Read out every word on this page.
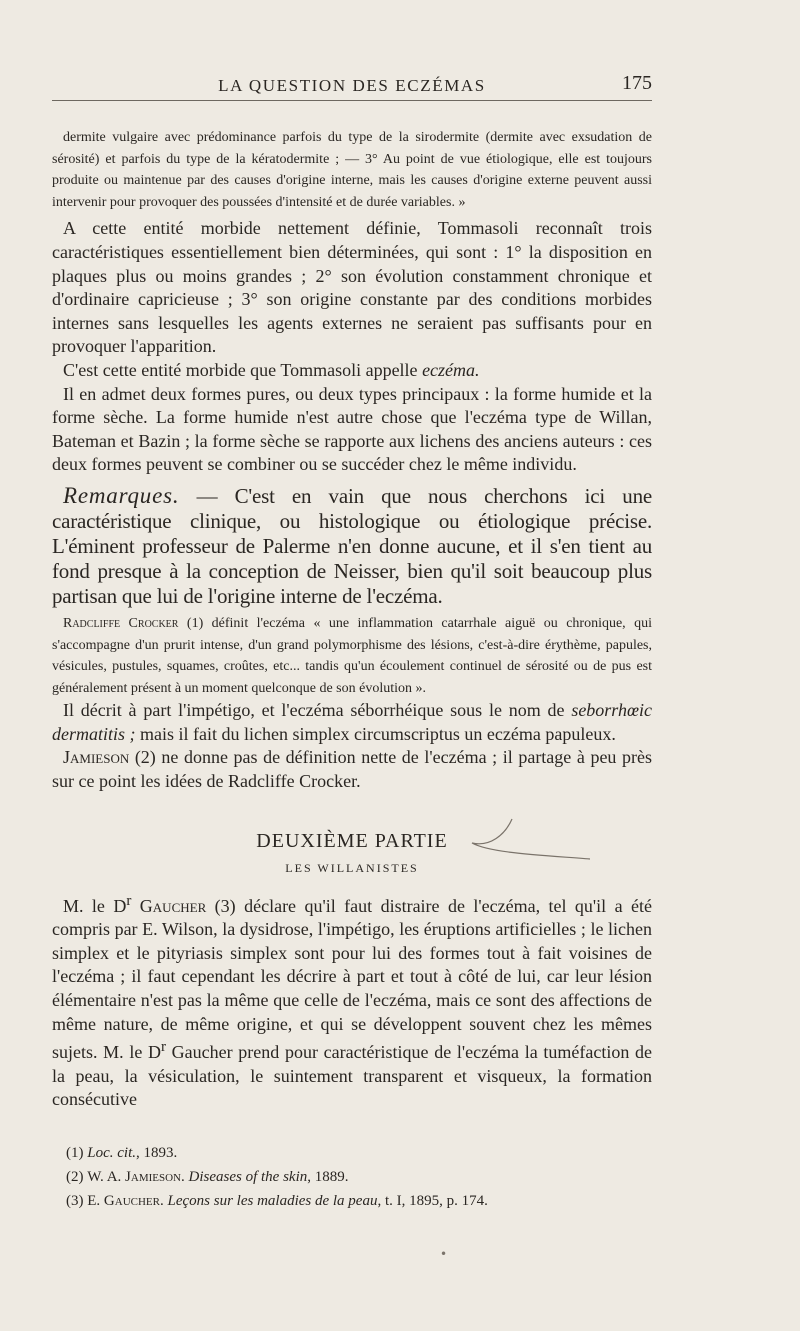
LA QUESTION DES ECZÉMAS	175

dermite vulgaire avec prédominance parfois du type de la sirodermite (dermite avec exsudation de sérosité) et parfois du type de la kératodermite ; — 3° Au point de vue étiologique, elle est toujours produite ou maintenue par des causes d'origine interne, mais les causes d'origine externe peuvent aussi intervenir pour provoquer des poussées d'intensité et de durée variables. »

A cette entité morbide nettement définie, Tommasoli reconnaît trois caractéristiques essentiellement bien déterminées, qui sont : 1° la disposition en plaques plus ou moins grandes ; 2° son évolution constamment chronique et d'ordinaire capricieuse ; 3° son origine constante par des conditions morbides internes sans lesquelles les agents externes ne seraient pas suffisants pour en provoquer l'apparition.

C'est cette entité morbide que Tommasoli appelle eczéma.

Il en admet deux formes pures, ou deux types principaux : la forme humide et la forme sèche. La forme humide n'est autre chose que l'eczéma type de Willan, Bateman et Bazin ; la forme sèche se rapporte aux lichens des anciens auteurs : ces deux formes peuvent se combiner ou se succéder chez le même individu.

Remarques. — C'est en vain que nous cherchons ici une caractéristique clinique, ou histologique ou étiologique précise. L'éminent professeur de Palerme n'en donne aucune, et il s'en tient au fond presque à la conception de Neisser, bien qu'il soit beaucoup plus partisan que lui de l'origine interne de l'eczéma.

Radcliffe Crocker (1) définit l'eczéma « une inflammation catarrhale aiguë ou chronique, qui s'accompagne d'un prurit intense, d'un grand polymorphisme des lésions, c'est-à-dire érythème, papules, vésicules, pustules, squames, croûtes, etc... tandis qu'un écoulement continuel de sérosité ou de pus est généralement présent à un moment quelconque de son évolution ».

Il décrit à part l'impétigo, et l'eczéma séborrhéique sous le nom de seborrhœic dermatitis ; mais il fait du lichen simplex circumscriptus un eczéma papuleux.

Jamieson (2) ne donne pas de définition nette de l'eczéma ; il partage à peu près sur ce point les idées de Radcliffe Crocker.

DEUXIÈME PARTIE
LES WILLANISTES

M. le $D^r$ Gaucher (3) déclare qu'il faut distraire de l'eczéma, tel qu'il a été compris par E. Wilson, la dysidrose, l'impétigo, les éruptions artificielles ; le lichen simplex et le pityriasis simplex sont pour lui des formes tout à fait voisines de l'eczéma ; il faut cependant les décrire à part et tout à côté de lui, car leur lésion élémentaire n'est pas la même que celle de l'eczéma, mais ce sont des affections de même nature, de même origine, et qui se développent souvent chez les mêmes sujets. M. le $D^r$ Gaucher prend pour caractéristique de l'eczéma la tuméfaction de la peau, la vésiculation, le suintement transparent et visqueux, la formation consécutive

(1) Loc. cit., 1893.

(2) W. A. Jamieson. Diseases of the skin, 1889.

(3) E. Gaucher. Leçons sur les maladies de la peau, t. I, 1895, p. 174.

•
